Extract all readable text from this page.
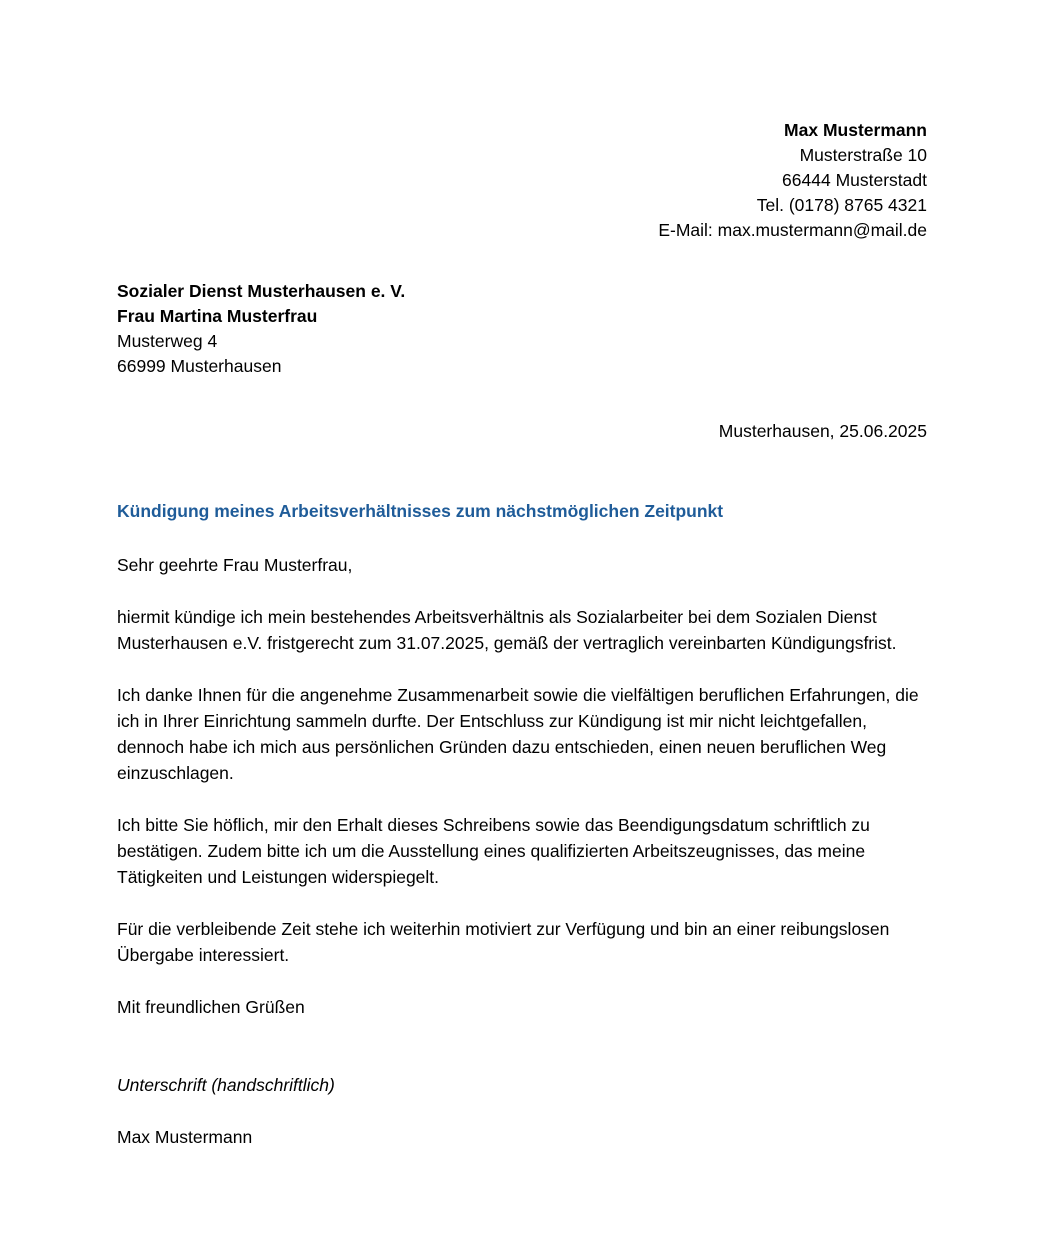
Max Mustermann
Musterstraße 10
66444 Musterstadt
Tel. (0178) 8765 4321
E-Mail: max.mustermann@mail.de
Sozialer Dienst Musterhausen e. V.
Frau Martina Musterfrau
Musterweg 4
66999 Musterhausen
Musterhausen, 25.06.2025
Kündigung meines Arbeitsverhältnisses zum nächstmöglichen Zeitpunkt
Sehr geehrte Frau Musterfrau,
hiermit kündige ich mein bestehendes Arbeitsverhältnis als Sozialarbeiter bei dem Sozialen Dienst Musterhausen e.V. fristgerecht zum 31.07.2025, gemäß der vertraglich vereinbarten Kündigungsfrist.
Ich danke Ihnen für die angenehme Zusammenarbeit sowie die vielfältigen beruflichen Erfahrungen, die ich in Ihrer Einrichtung sammeln durfte. Der Entschluss zur Kündigung ist mir nicht leichtgefallen, dennoch habe ich mich aus persönlichen Gründen dazu entschieden, einen neuen beruflichen Weg einzuschlagen.
Ich bitte Sie höflich, mir den Erhalt dieses Schreibens sowie das Beendigungsdatum schriftlich zu bestätigen. Zudem bitte ich um die Ausstellung eines qualifizierten Arbeitszeugnisses, das meine Tätigkeiten und Leistungen widerspiegelt.
Für die verbleibende Zeit stehe ich weiterhin motiviert zur Verfügung und bin an einer reibungslosen Übergabe interessiert.
Mit freundlichen Grüßen
Unterschrift (handschriftlich)
Max Mustermann
